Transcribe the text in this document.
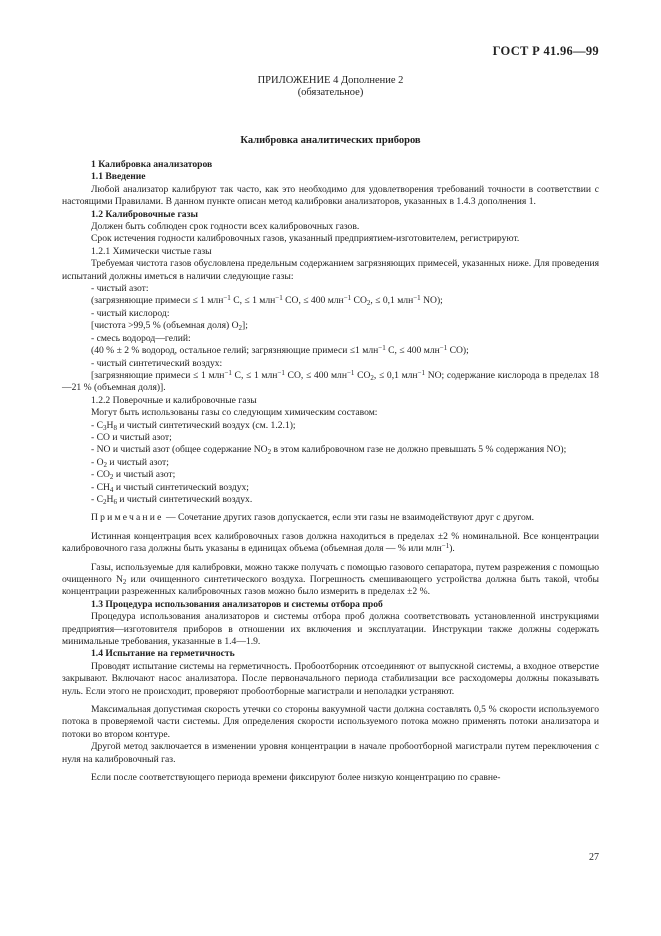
ГОСТ Р 41.96—99
ПРИЛОЖЕНИЕ 4 Дополнение 2
(обязательное)
Калибровка аналитических приборов

1 Калибровка анализаторов

1.1 Введение

Любой анализатор калибруют так часто, как это необходимо для удовлетворения требований точности в соответствии с настоящими Правилами. В данном пункте описан метод калибровки анализаторов, указанных в 1.4.3 дополнения 1.

1.2 Калибровочные газы

Должен быть соблюден срок годности всех калибровочных газов.

Срок истечения годности калибровочных газов, указанный предприятием-изготовителем, регистрируют.

1.2.1 Химически чистые газы

Требуемая чистота газов обусловлена предельным содержанием загрязняющих примесей, указанных ниже. Для проведения испытаний должны иметься в наличии следующие газы:

- чистый азот:

(загрязняющие примеси ≤ 1 млн$^{-1}$ С, ≤ 1 млн$^{-1}$ СО, ≤ 400 млн$^{-1}$ $СО_2$, ≤ 0,1 млн$^{-1}$ NO);

- чистый кислород:

[чистота >99,5 % (объемная доля) $О_2$];

- смесь водород—гелий:

(40 % ± 2 % водород, остальное гелий; загрязняющие примеси ≤1 млн$^{-1}$ С, ≤ 400 млн$^{-1}$ СО);

- чистый синтетический воздух:

[загрязняющие примеси ≤ 1 млн$^{-1}$ С, ≤ 1 млн$^{-1}$ СО, ≤ 400 млн$^{-1}$ $СО_2$, ≤ 0,1 млн$^{-1}$ NO; содержание кислорода в пределах 18—21 % (объемная доля)].

1.2.2 Поверочные и калибровочные газы

Могут быть использованы газы со следующим химическим составом:

- $С_3Н_8$ и чистый синтетический воздух (см. 1.2.1);

- СО и чистый азот;

- NO и чистый азот (общее содержание $NO_2$ в этом калибровочном газе не должно превышать 5 % содержания NO);

- $О_2$ и чистый азот;

- $СО_2$ и чистый азот;

- $СН_4$ и чистый синтетический воздух;

- $С_2Н_6$ и чистый синтетический воздух.

Примечание — Сочетание других газов допускается, если эти газы не взаимодействуют друг с другом.

Истинная концентрация всех калибровочных газов должна находиться в пределах ±2 % номинальной. Все концентрации калибровочного газа должны быть указаны в единицах объема (объемная доля — % или млн$^{-1}$).

Газы, используемые для калибровки, можно также получать с помощью газового сепаратора, путем разрежения с помощью очищенного $N_2$ или очищенного синтетического воздуха. Погрешность смешивающего устройства должна быть такой, чтобы концентрации разреженных калибровочных газов можно было измерить в пределах ±2 %.

1.3 Процедура использования анализаторов и системы отбора проб

Процедура использования анализаторов и системы отбора проб должна соответствовать установленной инструкциями предприятия—изготовителя приборов в отношении их включения и эксплуатации. Инструкции также должны содержать минимальные требования, указанные в 1.4—1.9.

1.4 Испытание на герметичность

Проводят испытание системы на герметичность. Пробоотборник отсоединяют от выпускной системы, а входное отверстие закрывают. Включают насос анализатора. После первоначального периода стабилизации все расходомеры должны показывать нуль. Если этого не происходит, проверяют пробоотборные магистрали и неполадки устраняют.

Максимальная допустимая скорость утечки со стороны вакуумной части должна составлять 0,5 % скорости используемого потока в проверяемой части системы. Для определения скорости используемого потока можно применять потоки анализатора и потоки во втором контуре.

Другой метод заключается в изменении уровня концентрации в начале пробоотборной магистрали путем переключения с нуля на калибровочный газ.

Если после соответствующего периода времени фиксируют более низкую концентрацию по сравне-

27
